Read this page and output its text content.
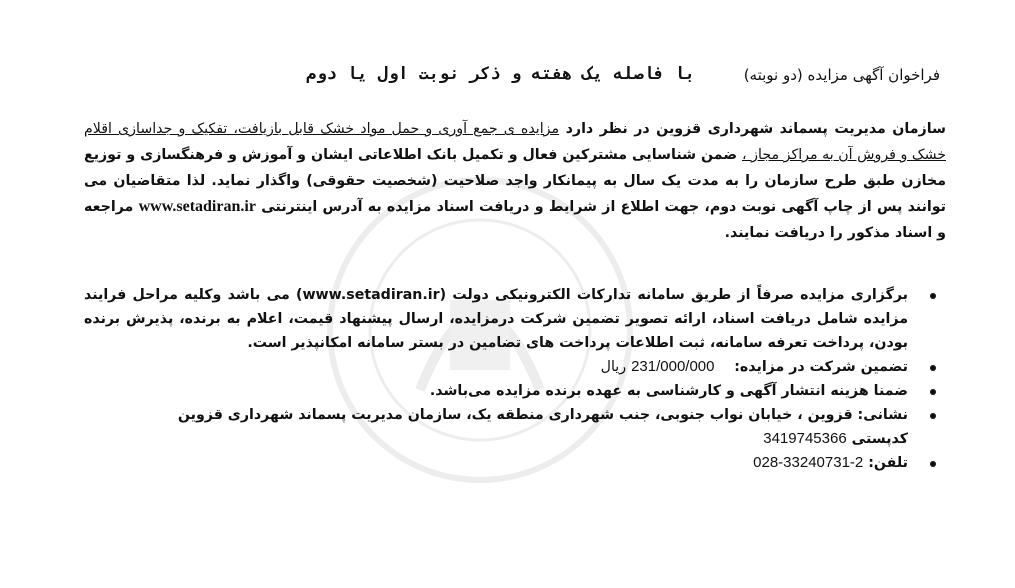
فراخوان آگهی مزایده (دو نوبته)
با فاصله یک هفته و ذکر نوبت اول یا دوم
سازمان مدیریت پسماند شهرداری قزوین در نظر دارد مزایده ی جمع آوری و حمل مواد خشک قابل بازیافت، تفکیک و جداسازی اقلام خشک و فروش آن به مراکز مجاز ، ضمن شناسایی مشترکین فعال و تکمیل بانک اطلاعاتی ایشان و آموزش و فرهنگسازی و توزیع مخازن طبق طرح سازمان را به مدت یک سال به پیمانکار واجد صلاحیت (شخصیت حقوقی) واگذار نماید. لذا متقاضیان می توانند پس از چاپ آگهی نوبت دوم، جهت اطلاع از شرایط و دریافت اسناد مزایده به آدرس اینترنتی www.setadiran.ir مراجعه و اسناد مذکور را دریافت نمایند.
برگزاری مزایده صرفاً از طریق سامانه تدارکات الکترونیکی دولت (www.setadiran.ir) می باشد وکلیه مراحل فرایند مزایده شامل دریافت اسناد، ارائه تصویر تضمین شرکت درمزایده، ارسال پیشنهاد قیمت، اعلام به برنده، پذیرش برنده بودن، پرداخت تعرفه سامانه، ثبت اطلاعات پرداخت های تضامین در بستر سامانه امکانپذیر است.
تضمین شرکت در مزایده:    231/000/000 ریال
ضمنا هزینه انتشار آگهی و کارشناسی به عهده برنده مزایده می‌باشد.
نشانی: قزوین ، خیابان نواب جنوبی، جنب شهرداری منطقه یک، سازمان مدیریت پسماند شهرداری قزوین
کدپستی 3419745366
تلفن: 028-33240731-2
